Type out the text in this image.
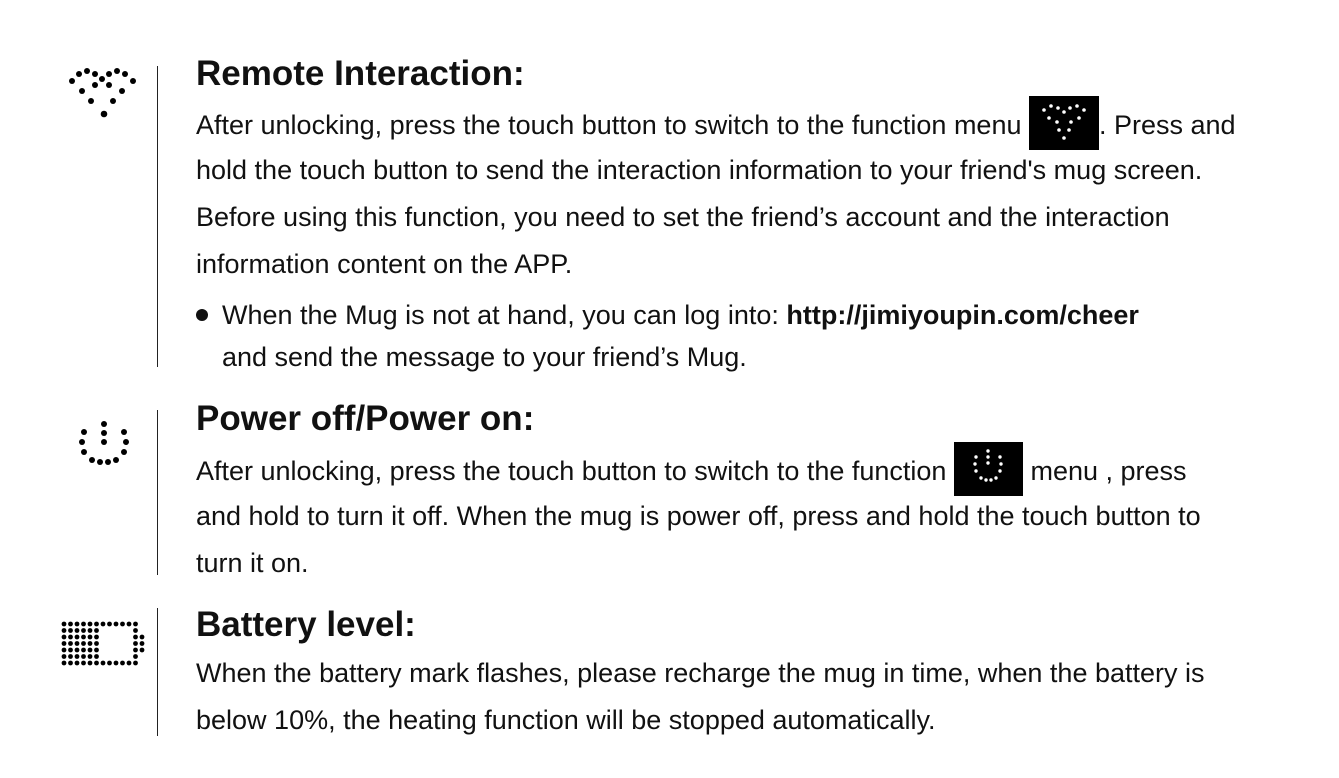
Remote Interaction:
After unlocking, press the touch button to switch to the function menu	. Press and
hold the touch button to send the interaction information to your friend's mug screen.
Before using this function, you need to set the friend’s account and the interaction
information content on the APP.
When the Mug is not at hand, you can log into: http://jimiyoupin.com/cheer
and send the message to your friend’s Mug.
Power off/Power on:
After unlocking, press the touch button to switch to the function	menu , press
and hold to turn it off. When the mug is power off, press and hold the touch button to
turn it on.
Battery level:
When the battery mark flashes, please recharge the mug in time, when the battery is
below 10%, the heating function will be stopped automatically.
